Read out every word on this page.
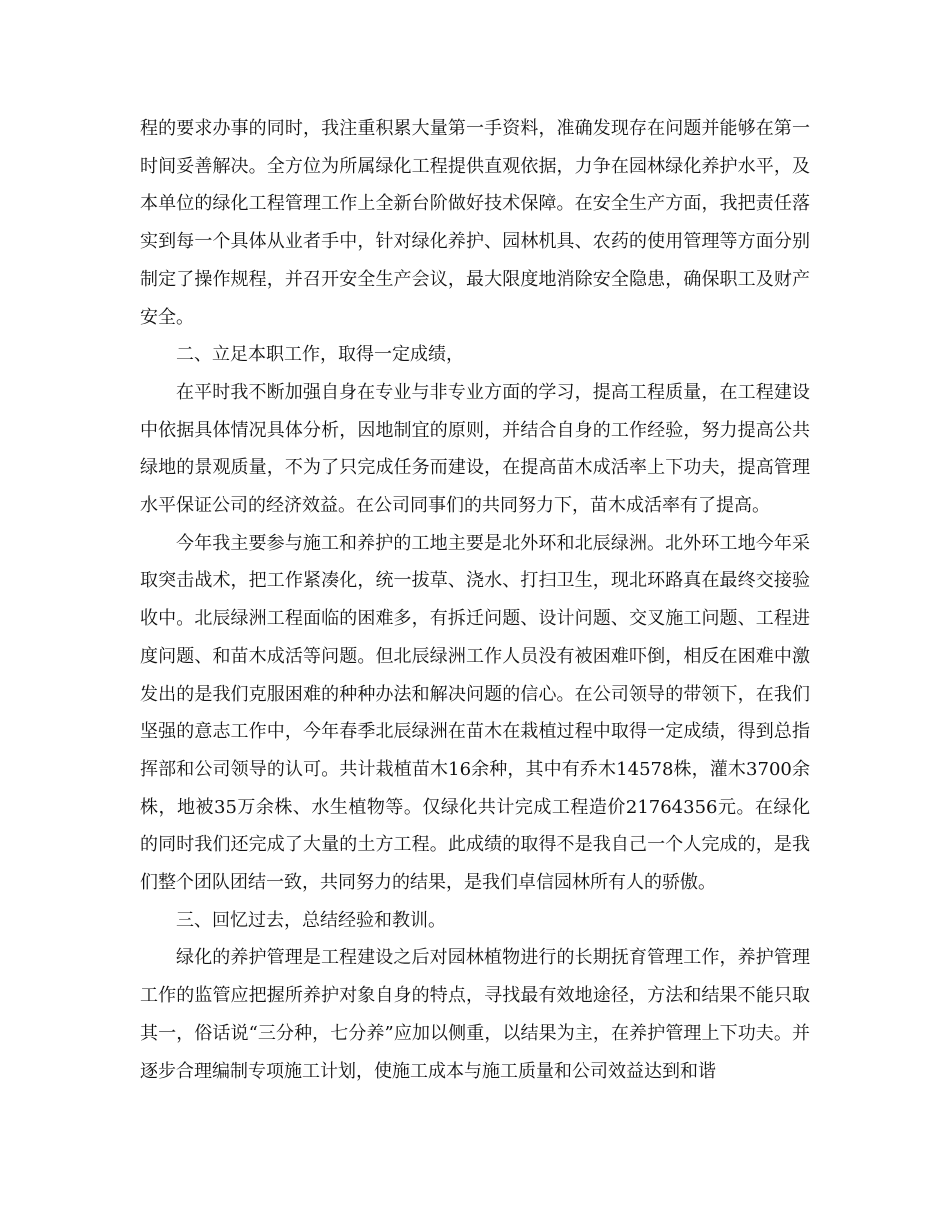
程的要求办事的同时，我注重积累大量第一手资料，准确发现存在问题并能够在第一时间妥善解决。全方位为所属绿化工程提供直观依据，力争在园林绿化养护水平，及本单位的绿化工程管理工作上全新台阶做好技术保障。在安全生产方面，我把责任落实到每一个具体从业者手中，针对绿化养护、园林机具、农药的使用管理等方面分别制定了操作规程，并召开安全生产会议，最大限度地消除安全隐患，确保职工及财产安全。

二、立足本职工作，取得一定成绩，

在平时我不断加强自身在专业与非专业方面的学习，提高工程质量，在工程建设中依据具体情况具体分析，因地制宜的原则，并结合自身的工作经验，努力提高公共绿地的景观质量，不为了只完成任务而建设，在提高苗木成活率上下功夫，提高管理水平保证公司的经济效益。在公司同事们的共同努力下，苗木成活率有了提高。

今年我主要参与施工和养护的工地主要是北外环和北辰绿洲。北外环工地今年采取突击战术，把工作紧凑化，统一拔草、浇水、打扫卫生，现北环路真在最终交接验收中。北辰绿洲工程面临的困难多，有拆迁问题、设计问题、交叉施工问题、工程进度问题、和苗木成活等问题。但北辰绿洲工作人员没有被困难吓倒，相反在困难中激发出的是我们克服困难的种种办法和解决问题的信心。在公司领导的带领下，在我们坚强的意志工作中，今年春季北辰绿洲在苗木在栽植过程中取得一定成绩，得到总指挥部和公司领导的认可。共计栽植苗木16余种，其中有乔木14578株，灌木3700余株，地被35万余株、水生植物等。仅绿化共计完成工程造价21764356元。在绿化的同时我们还完成了大量的土方工程。此成绩的取得不是我自己一个人完成的，是我们整个团队团结一致，共同努力的结果，是我们卓信园林所有人的骄傲。

三、回忆过去，总结经验和教训。

绿化的养护管理是工程建设之后对园林植物进行的长期抚育管理工作，养护管理工作的监管应把握所养护对象自身的特点，寻找最有效地途径，方法和结果不能只取其一，俗话说“三分种，七分养”应加以侧重，以结果为主，在养护管理上下功夫。并逐步合理编制专项施工计划，使施工成本与施工质量和公司效益达到和谐
